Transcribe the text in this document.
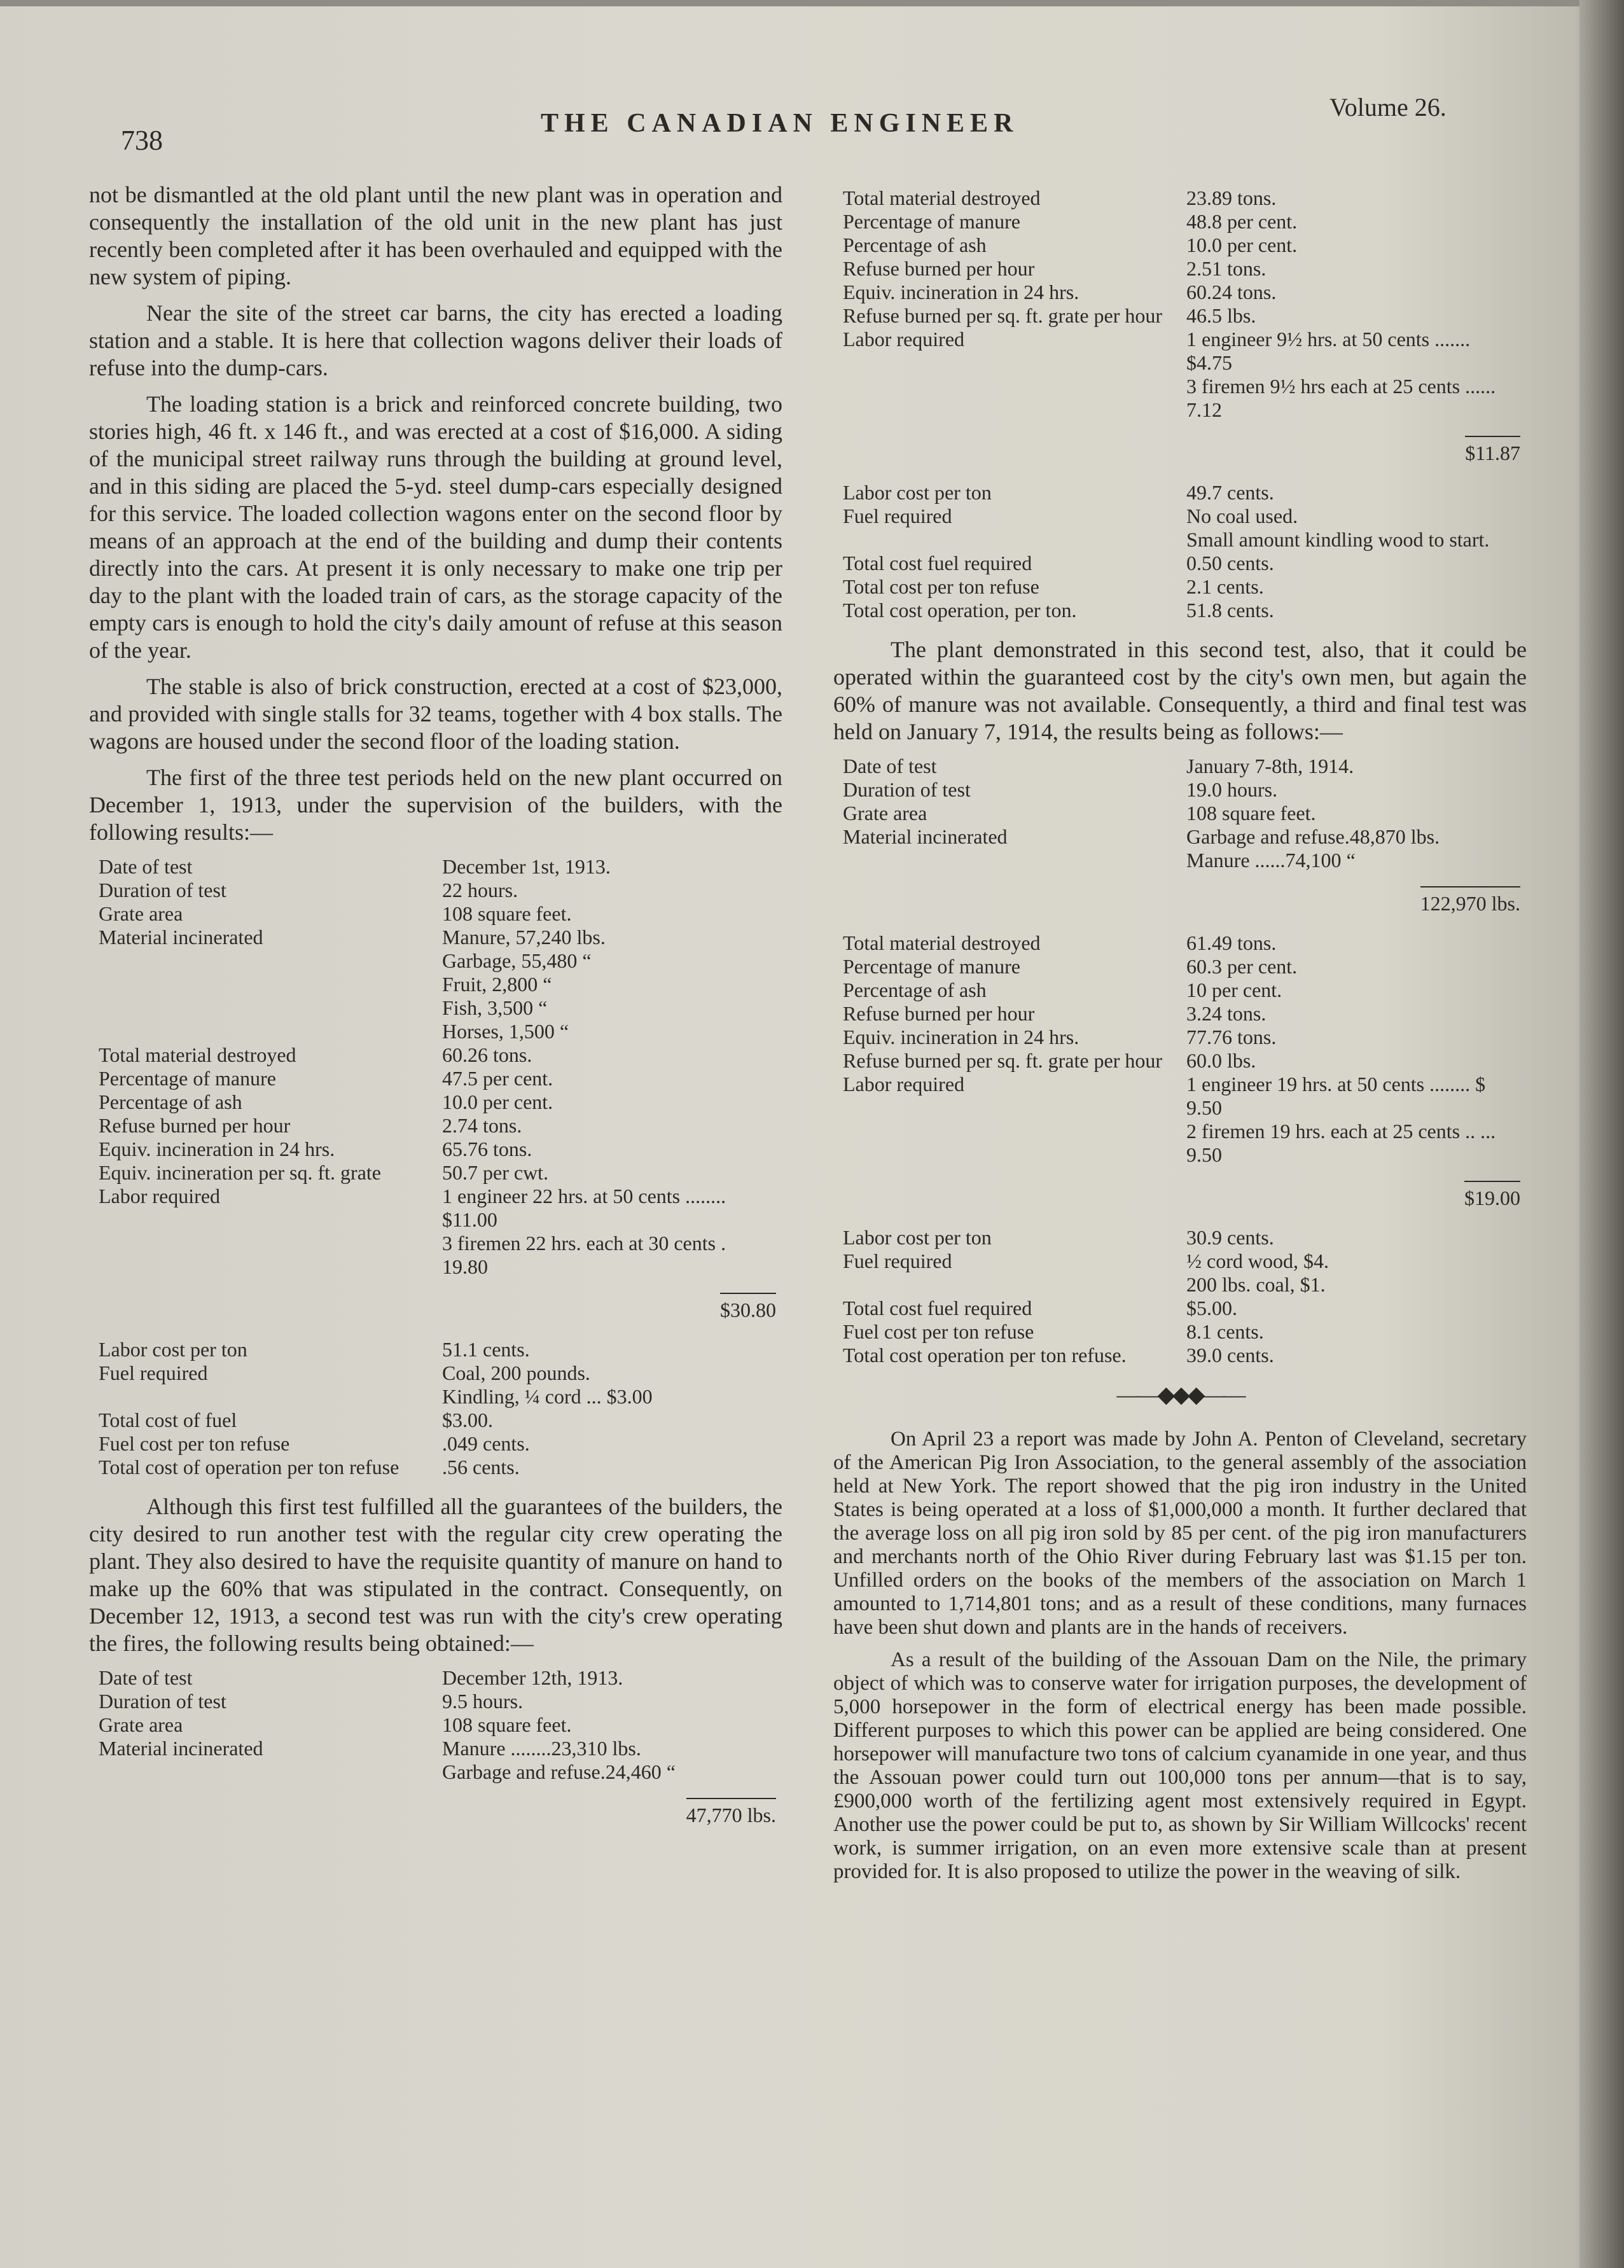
738
THE CANADIAN ENGINEER
Volume 26.

not be dismantled at the old plant until the new plant was in operation and consequently the installation of the old unit in the new plant has just recently been completed after it has been overhauled and equipped with the new system of piping.

Near the site of the street car barns, the city has erected a loading station and a stable. It is here that collection wagons deliver their loads of refuse into the dump-cars.

The loading station is a brick and reinforced concrete building, two stories high, 46 ft. x 146 ft., and was erected at a cost of $16,000. A siding of the municipal street railway runs through the building at ground level, and in this siding are placed the 5-yd. steel dump-cars especially designed for this service. The loaded collection wagons enter on the second floor by means of an approach at the end of the building and dump their contents directly into the cars. At present it is only necessary to make one trip per day to the plant with the loaded train of cars, as the storage capacity of the empty cars is enough to hold the city's daily amount of refuse at this season of the year.

The stable is also of brick construction, erected at a cost of $23,000, and provided with single stalls for 32 teams, together with 4 box stalls. The wagons are housed under the second floor of the loading station.

The first of the three test periods held on the new plant occurred on December 1, 1913, under the supervision of the builders, with the following results:—

Date of test	December 1st, 1913.
Duration of test	22 hours.
Grate area	108 square feet.
Material incinerated	Manure, 57,240 lbs.
Garbage, 55,480 “
Fruit, 2,800 “
Fish, 3,500 “
Horses, 1,500 “
Total material destroyed	60.26 tons.
Percentage of manure	47.5 per cent.
Percentage of ash	10.0 per cent.
Refuse burned per hour	2.74 tons.
Equiv. incineration in 24 hrs.	65.76 tons.
Equiv. incineration per sq. ft. grate	50.7 per cwt.
Labor required	1 engineer 22 hrs. at 50 cents ........ $11.00
3 firemen 22 hrs. each at 30 cents . 19.80
$30.80
Labor cost per ton	51.1 cents.
Fuel required	Coal, 200 pounds.
Kindling, ¼ cord ... $3.00
Total cost of fuel	$3.00.
Fuel cost per ton refuse	.049 cents.
Total cost of operation per ton refuse	.56 cents.

Although this first test fulfilled all the guarantees of the builders, the city desired to run another test with the regular city crew operating the plant. They also desired to have the requisite quantity of manure on hand to make up the 60% that was stipulated in the contract. Consequently, on December 12, 1913, a second test was run with the city's crew operating the fires, the following results being obtained:—

Date of test	December 12th, 1913.
Duration of test	9.5 hours.
Grate area	108 square feet.
Material incinerated	Manure ........23,310 lbs.
Garbage and refuse.24,460 “
47,770 lbs.
Total material destroyed	23.89 tons.
Percentage of manure	48.8 per cent.
Percentage of ash	10.0 per cent.
Refuse burned per hour	2.51 tons.
Equiv. incineration in 24 hrs.	60.24 tons.
Refuse burned per sq. ft. grate per hour	46.5 lbs.
Labor required	1 engineer 9½ hrs. at 50 cents ....... $4.75
3 firemen 9½ hrs each at 25 cents ...... 7.12
$11.87
Labor cost per ton	49.7 cents.
Fuel required	No coal used.
Small amount kindling wood to start.
Total cost fuel required	0.50 cents.
Total cost per ton refuse	2.1 cents.
Total cost operation, per ton.	51.8 cents.

The plant demonstrated in this second test, also, that it could be operated within the guaranteed cost by the city's own men, but again the 60% of manure was not available. Consequently, a third and final test was held on January 7, 1914, the results being as follows:—

Date of test	January 7-8th, 1914.
Duration of test	19.0 hours.
Grate area	108 square feet.
Material incinerated	Garbage and refuse.48,870 lbs.
Manure ......74,100 “
122,970 lbs.
Total material destroyed	61.49 tons.
Percentage of manure	60.3 per cent.
Percentage of ash	10 per cent.
Refuse burned per hour	3.24 tons.
Equiv. incineration in 24 hrs.	77.76 tons.
Refuse burned per sq. ft. grate per hour	60.0 lbs.
Labor required	1 engineer 19 hrs. at 50 cents ........ $ 9.50
2 firemen 19 hrs. each at 25 cents .. ... 9.50
$19.00
Labor cost per ton	30.9 cents.
Fuel required	½ cord wood, $4.
200 lbs. coal, $1.
Total cost fuel required	$5.00.
Fuel cost per ton refuse	8.1 cents.
Total cost operation per ton refuse.	39.0 cents.
——◆◆◆——

On April 23 a report was made by John A. Penton of Cleveland, secretary of the American Pig Iron Association, to the general assembly of the association held at New York. The report showed that the pig iron industry in the United States is being operated at a loss of $1,000,000 a month. It further declared that the average loss on all pig iron sold by 85 per cent. of the pig iron manufacturers and merchants north of the Ohio River during February last was $1.15 per ton. Unfilled orders on the books of the members of the association on March 1 amounted to 1,714,801 tons; and as a result of these conditions, many furnaces have been shut down and plants are in the hands of receivers.

As a result of the building of the Assouan Dam on the Nile, the primary object of which was to conserve water for irrigation purposes, the development of 5,000 horsepower in the form of electrical energy has been made possible. Different purposes to which this power can be applied are being considered. One horsepower will manufacture two tons of calcium cyanamide in one year, and thus the Assouan power could turn out 100,000 tons per annum—that is to say, £900,000 worth of the fertilizing agent most extensively required in Egypt. Another use the power could be put to, as shown by Sir William Willcocks' recent work, is summer irrigation, on an even more extensive scale than at present provided for. It is also proposed to utilize the power in the weaving of silk.
